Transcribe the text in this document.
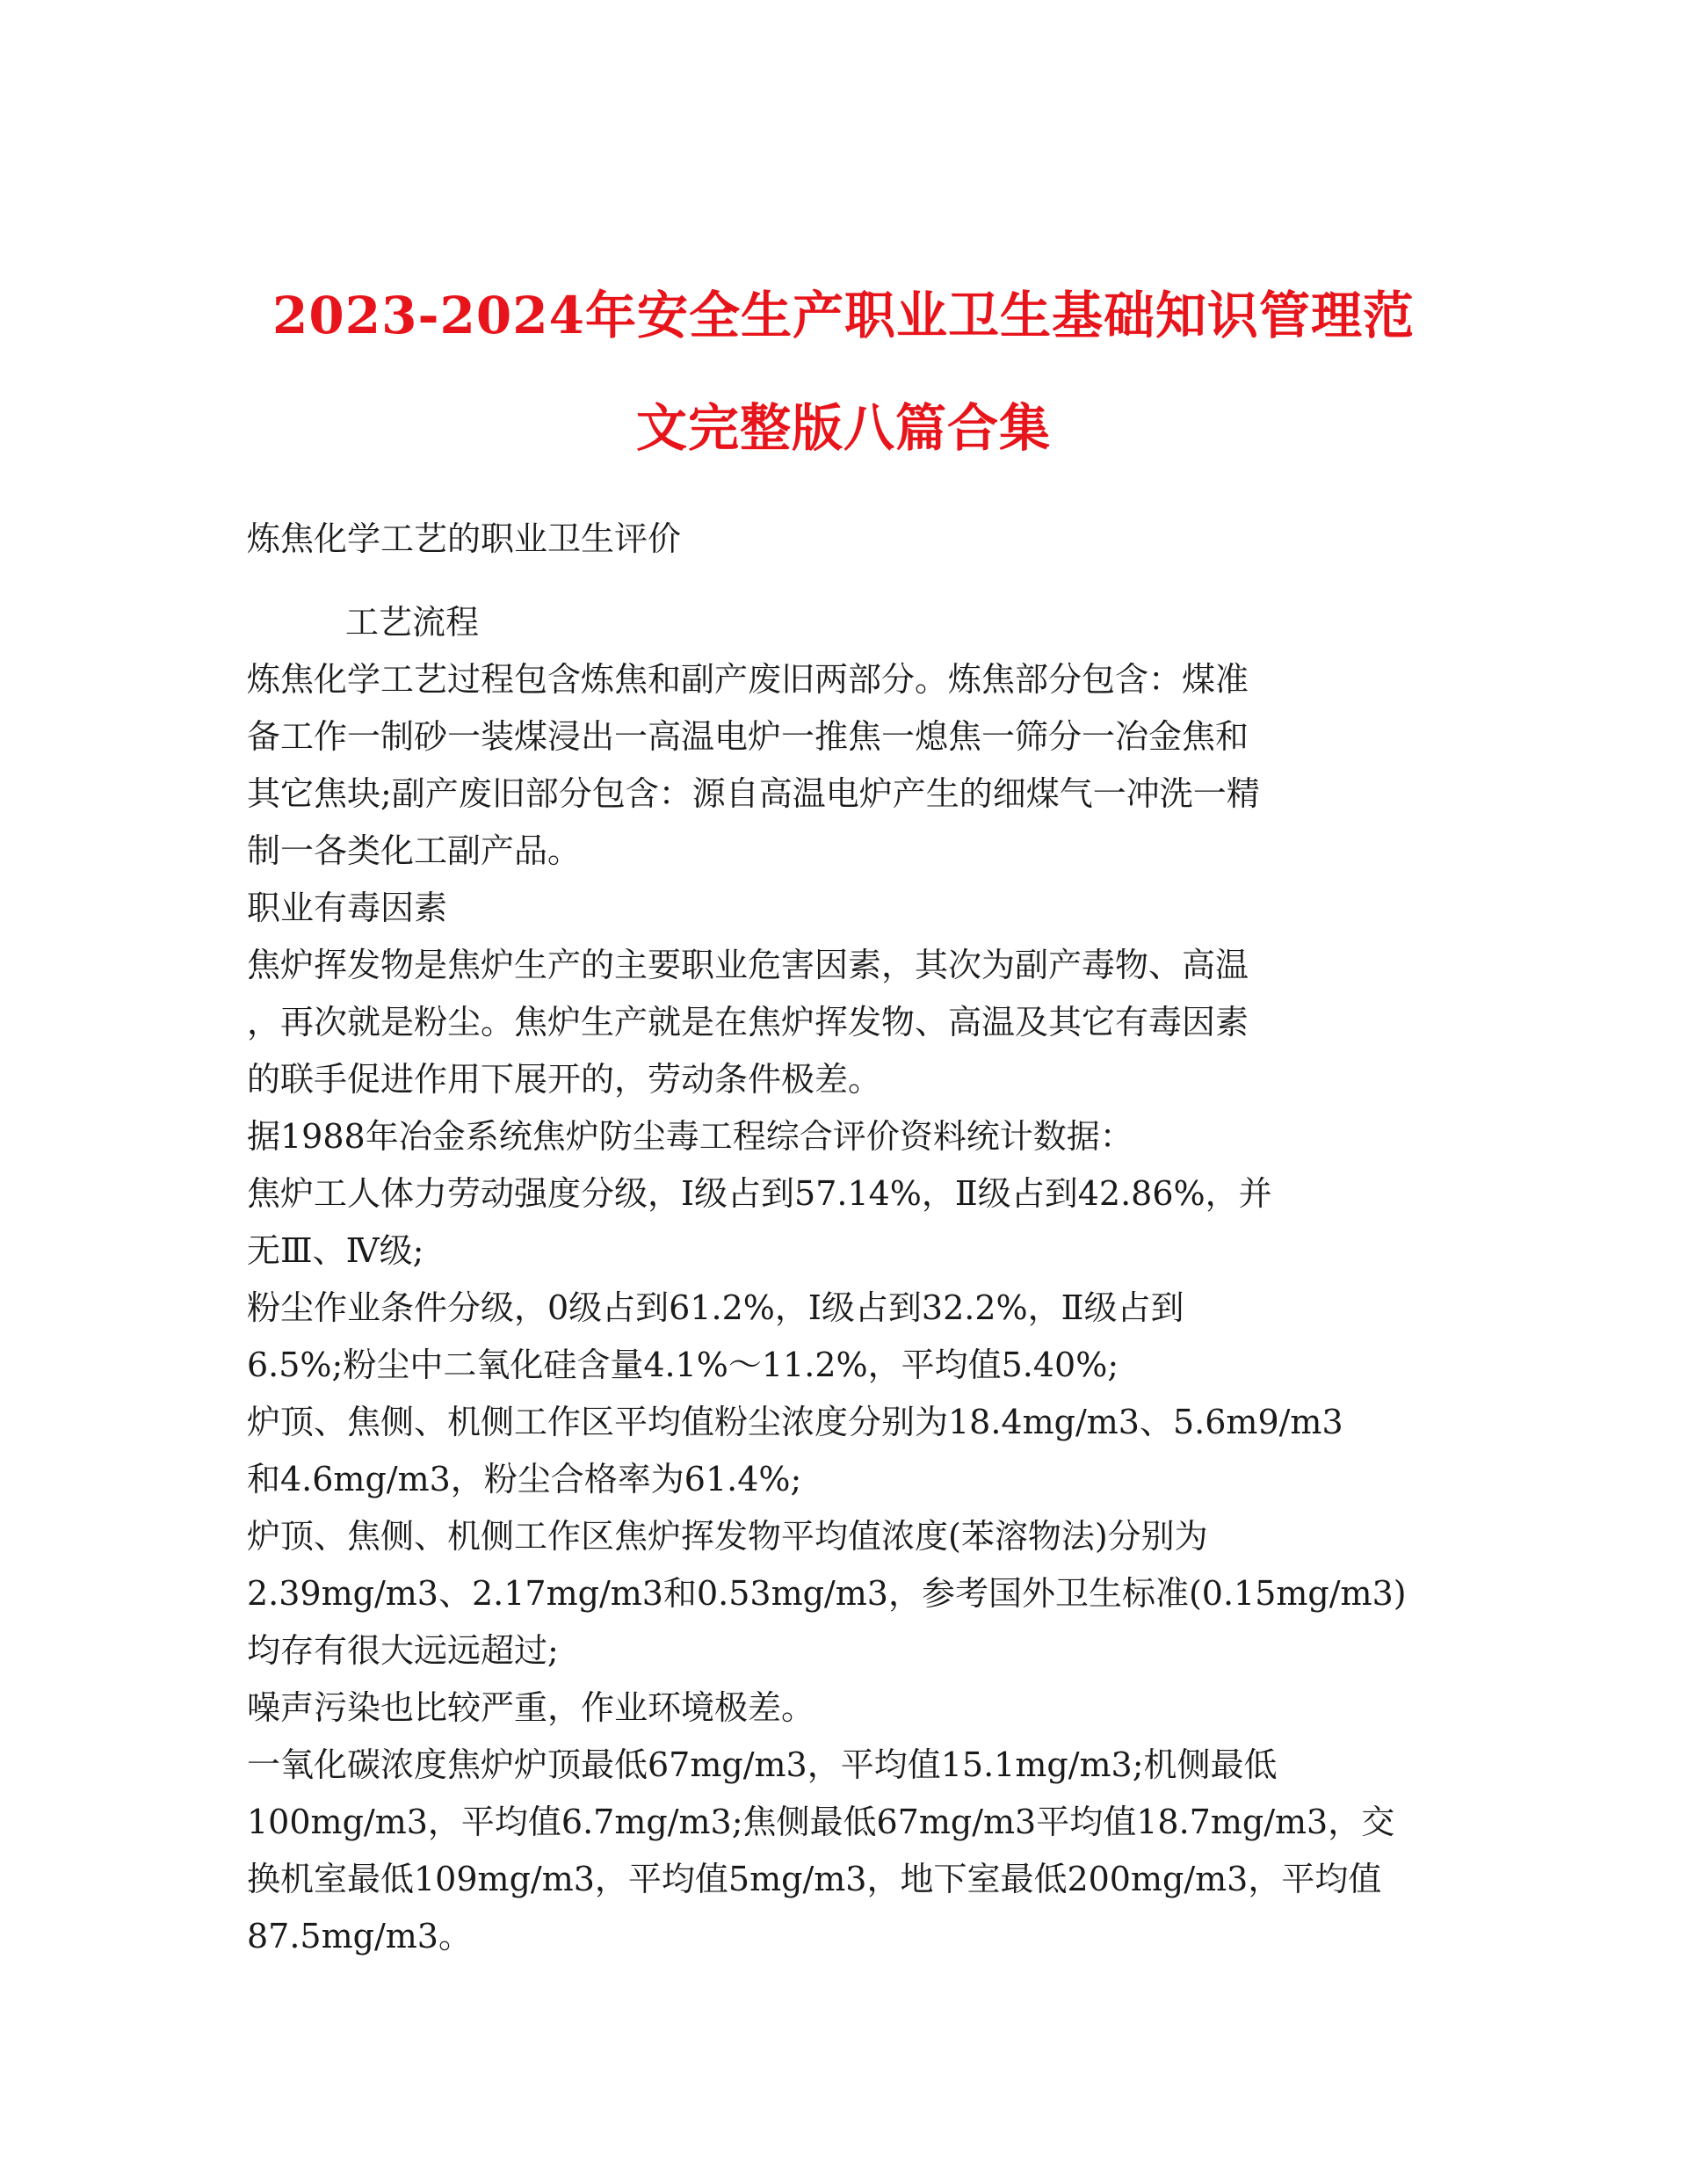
2023-2024年安全生产职业卫生基础知识管理范
文完整版八篇合集
炼焦化学工艺的职业卫生评价
工艺流程
炼焦化学工艺过程包含炼焦和副产废旧两部分。炼焦部分包含：煤准
备工作一制砂一装煤浸出一高温电炉一推焦一熄焦一筛分一冶金焦和
其它焦块;副产废旧部分包含：源自高温电炉产生的细煤气一冲洗一精
制一各类化工副产品。
职业有毒因素
焦炉挥发物是焦炉生产的主要职业危害因素，其次为副产毒物、高温
，再次就是粉尘。焦炉生产就是在焦炉挥发物、高温及其它有毒因素
的联手促进作用下展开的，劳动条件极差。
据1988年冶金系统焦炉防尘毒工程综合评价资料统计数据：
焦炉工人体力劳动强度分级，Ⅰ级占到57.14%，Ⅱ级占到42.86%，并
无Ⅲ、Ⅳ级;
粉尘作业条件分级，0级占到61.2%，Ⅰ级占到32.2%，Ⅱ级占到
6.5%;粉尘中二氧化硅含量4.1%～11.2%，平均值5.40%;
炉顶、焦侧、机侧工作区平均值粉尘浓度分别为18.4mg/m3、5.6m9/m3
和4.6mg/m3，粉尘合格率为61.4%;
炉顶、焦侧、机侧工作区焦炉挥发物平均值浓度(苯溶物法)分别为
2.39mg/m3、2.17mg/m3和0.53mg/m3，参考国外卫生标准(0.15mg/m3)
均存有很大远远超过;
噪声污染也比较严重，作业环境极差。
一氧化碳浓度焦炉炉顶最低67mg/m3，平均值15.1mg/m3;机侧最低
100mg/m3，平均值6.7mg/m3;焦侧最低67mg/m3平均值18.7mg/m3，交
换机室最低109mg/m3，平均值5mg/m3，地下室最低200mg/m3，平均值
87.5mg/m3。
